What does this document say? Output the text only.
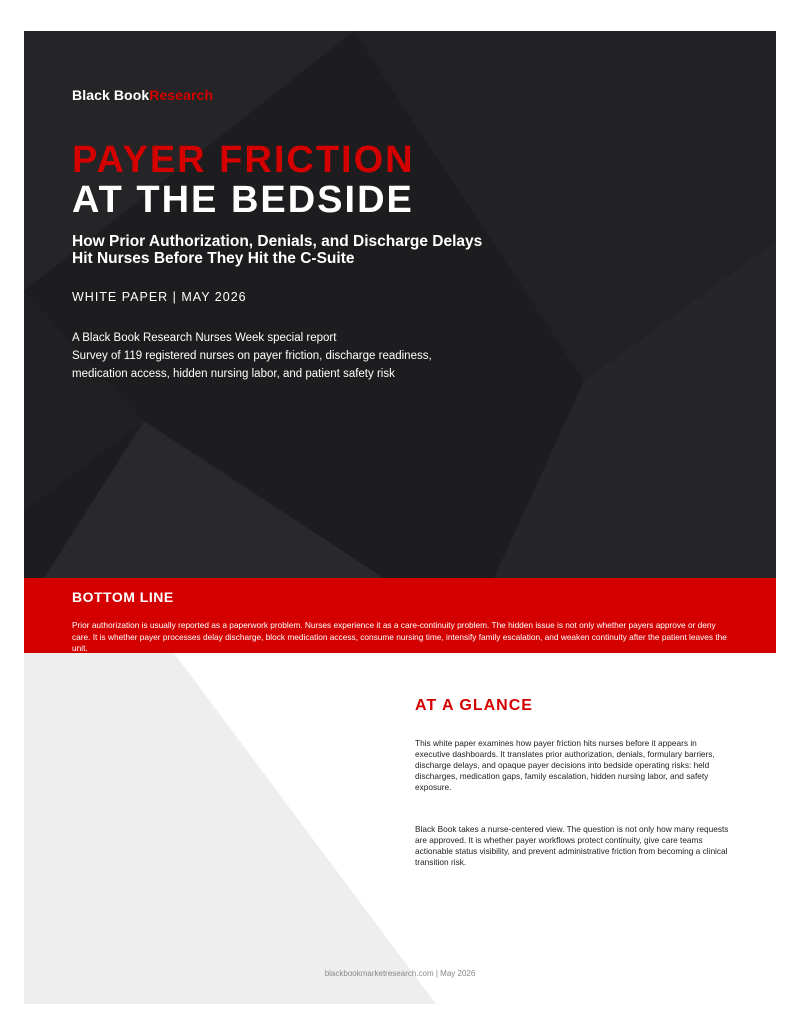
Black BookResearch
PAYER FRICTION
AT THE BEDSIDE
How Prior Authorization, Denials, and Discharge Delays
Hit Nurses Before They Hit the C-Suite
WHITE PAPER | MAY 2026
A Black Book Research Nurses Week special report
Survey of 119 registered nurses on payer friction, discharge readiness,
medication access, hidden nursing labor, and patient safety risk
BOTTOM LINE
Prior authorization is usually reported as a paperwork problem. Nurses experience it as a care-continuity problem. The hidden issue is not only whether payers approve or deny care. It is whether payer processes delay discharge, block medication access, consume nursing time, intensify family escalation, and weaken continuity after the patient leaves the unit.
AT A GLANCE

This white paper examines how payer friction hits nurses before it appears in executive dashboards. It translates prior authorization, denials, formulary barriers, discharge delays, and opaque payer decisions into bedside operating risks: held discharges, medication gaps, family escalation, hidden nursing labor, and safety exposure.

Black Book takes a nurse-centered view. The question is not only how many requests are approved. It is whether payer workflows protect continuity, give care teams actionable status visibility, and prevent administrative friction from becoming a clinical transition risk.

blackbookmarketresearch.com | May 2026
